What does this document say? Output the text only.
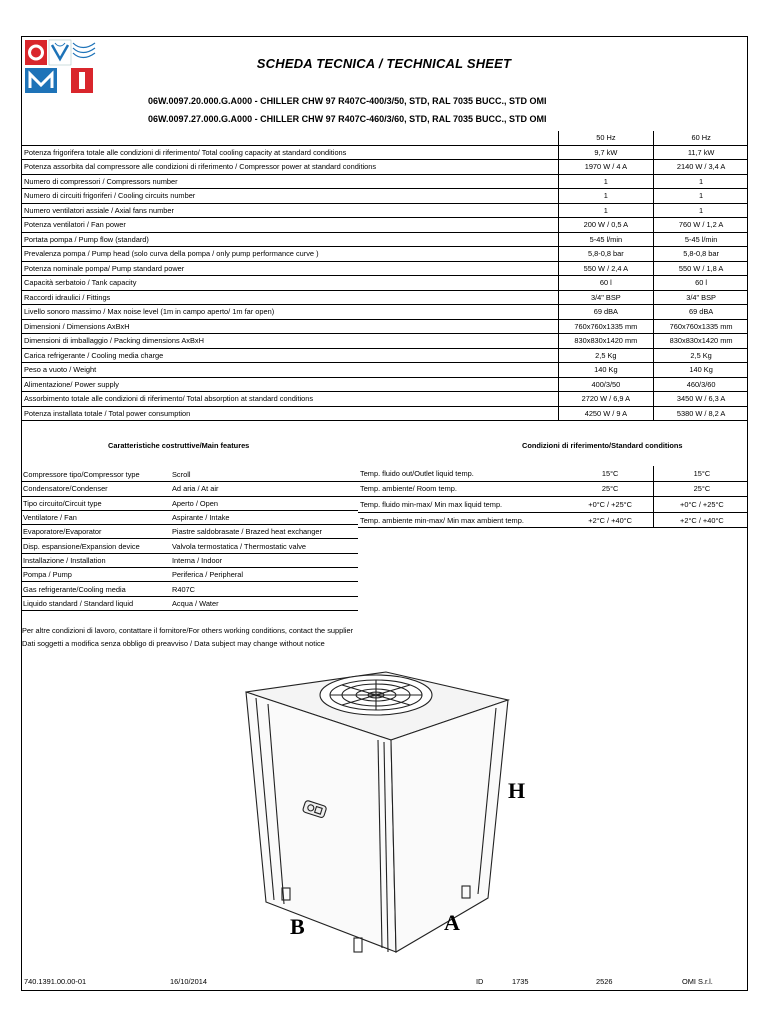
SCHEDA TECNICA / TECHNICAL SHEET
06W.0097.20.000.G.A000 - CHILLER CHW 97 R407C-400/3/50, STD, RAL 7035 BUCC., STD OMI
06W.0097.27.000.G.A000 - CHILLER CHW 97 R407C-460/3/60, STD, RAL 7035 BUCC., STD OMI
	50 Hz	60 Hz
Potenza frigorifera totale alle condizioni di riferimento/ Total cooling capacity at standard conditions	9,7 kW	11,7 kW
Potenza assorbita dal compressore alle condizioni di riferimento / Compressor power at standard conditions	1970 W / 4 A	2140 W / 3,4 A
Numero di compressori / Compressors number	1	1
Numero di circuiti frigoriferi / Cooling circuits number	1	1
Numero ventilatori assiale / Axial fans number	1	1
Potenza ventilatori / Fan power	200 W / 0,5 A	760 W / 1,2 A
Portata pompa / Pump flow (standard)	5-45 l/min	5-45 l/min
Prevalenza pompa / Pump head (solo curva della pompa / only pump performance curve )	5,8-0,8 bar	5,8-0,8 bar
Potenza nominale pompa/ Pump standard power	550 W / 2,4 A	550 W / 1,8 A
Capacità serbatoio / Tank capacity	60 l	60 l
Raccordi idraulici / Fittings	3/4" BSP	3/4" BSP
Livello sonoro massimo / Max noise level (1m in campo aperto/ 1m far open)	69 dBA	69 dBA
Dimensioni / Dimensions AxBxH	760x760x1335 mm	760x760x1335 mm
Dimensioni di imballaggio / Packing dimensions AxBxH	830x830x1420 mm	830x830x1420 mm
Carica refrigerante / Cooling media charge	2,5 Kg	2,5 Kg
Peso a vuoto / Weight	140 Kg	140 Kg
Alimentazione/ Power supply	400/3/50	460/3/60
Assorbimento totale alle condizioni di riferimento/ Total absorption at standard conditions	2720 W / 6,9 A	3450 W / 6,3 A
Potenza installata totale / Total power consumption	4250 W / 9 A	5380 W / 8,2 A
Caratteristiche costruttive/Main features	Condizioni di riferimento/Standard conditions
Compressore tipo/Compressor type	Scroll
Condensatore/Condenser	Ad aria / At air
Tipo circuito/Circuit type	Aperto / Open
Ventilatore / Fan	Aspirante / Intake
Evaporatore/Evaporator	Piastre saldobrasate / Brazed heat exchanger
Disp. espansione/Expansion device	Valvola termostatica / Thermostatic valve
Installazione / Installation	Interna / Indoor
Pompa / Pump	Periferica / Peripheral
Gas refrigerante/Cooling media	R407C
Liquido standard / Standard liquid	Acqua / Water
Temp. fluido out/Outlet liquid temp.	15°C	15°C
Temp. ambiente/ Room temp.	25°C	25°C
Temp. fluido min-max/ Min max liquid temp.	+0°C / +25°C	+0°C / +25°C
Temp. ambiente min-max/ Min max ambient temp.	+2°C / +40°C	+2°C / +40°C
Per altre condizioni di lavoro, contattare il fornitore/For others working conditions, contact the supplier
Dati soggetti a modifica senza obbligo di preavviso / Data subject may change without notice
H
A
B
740.1391.00.00-01	16/10/2014	ID	1735	2526	OMI S.r.l.
